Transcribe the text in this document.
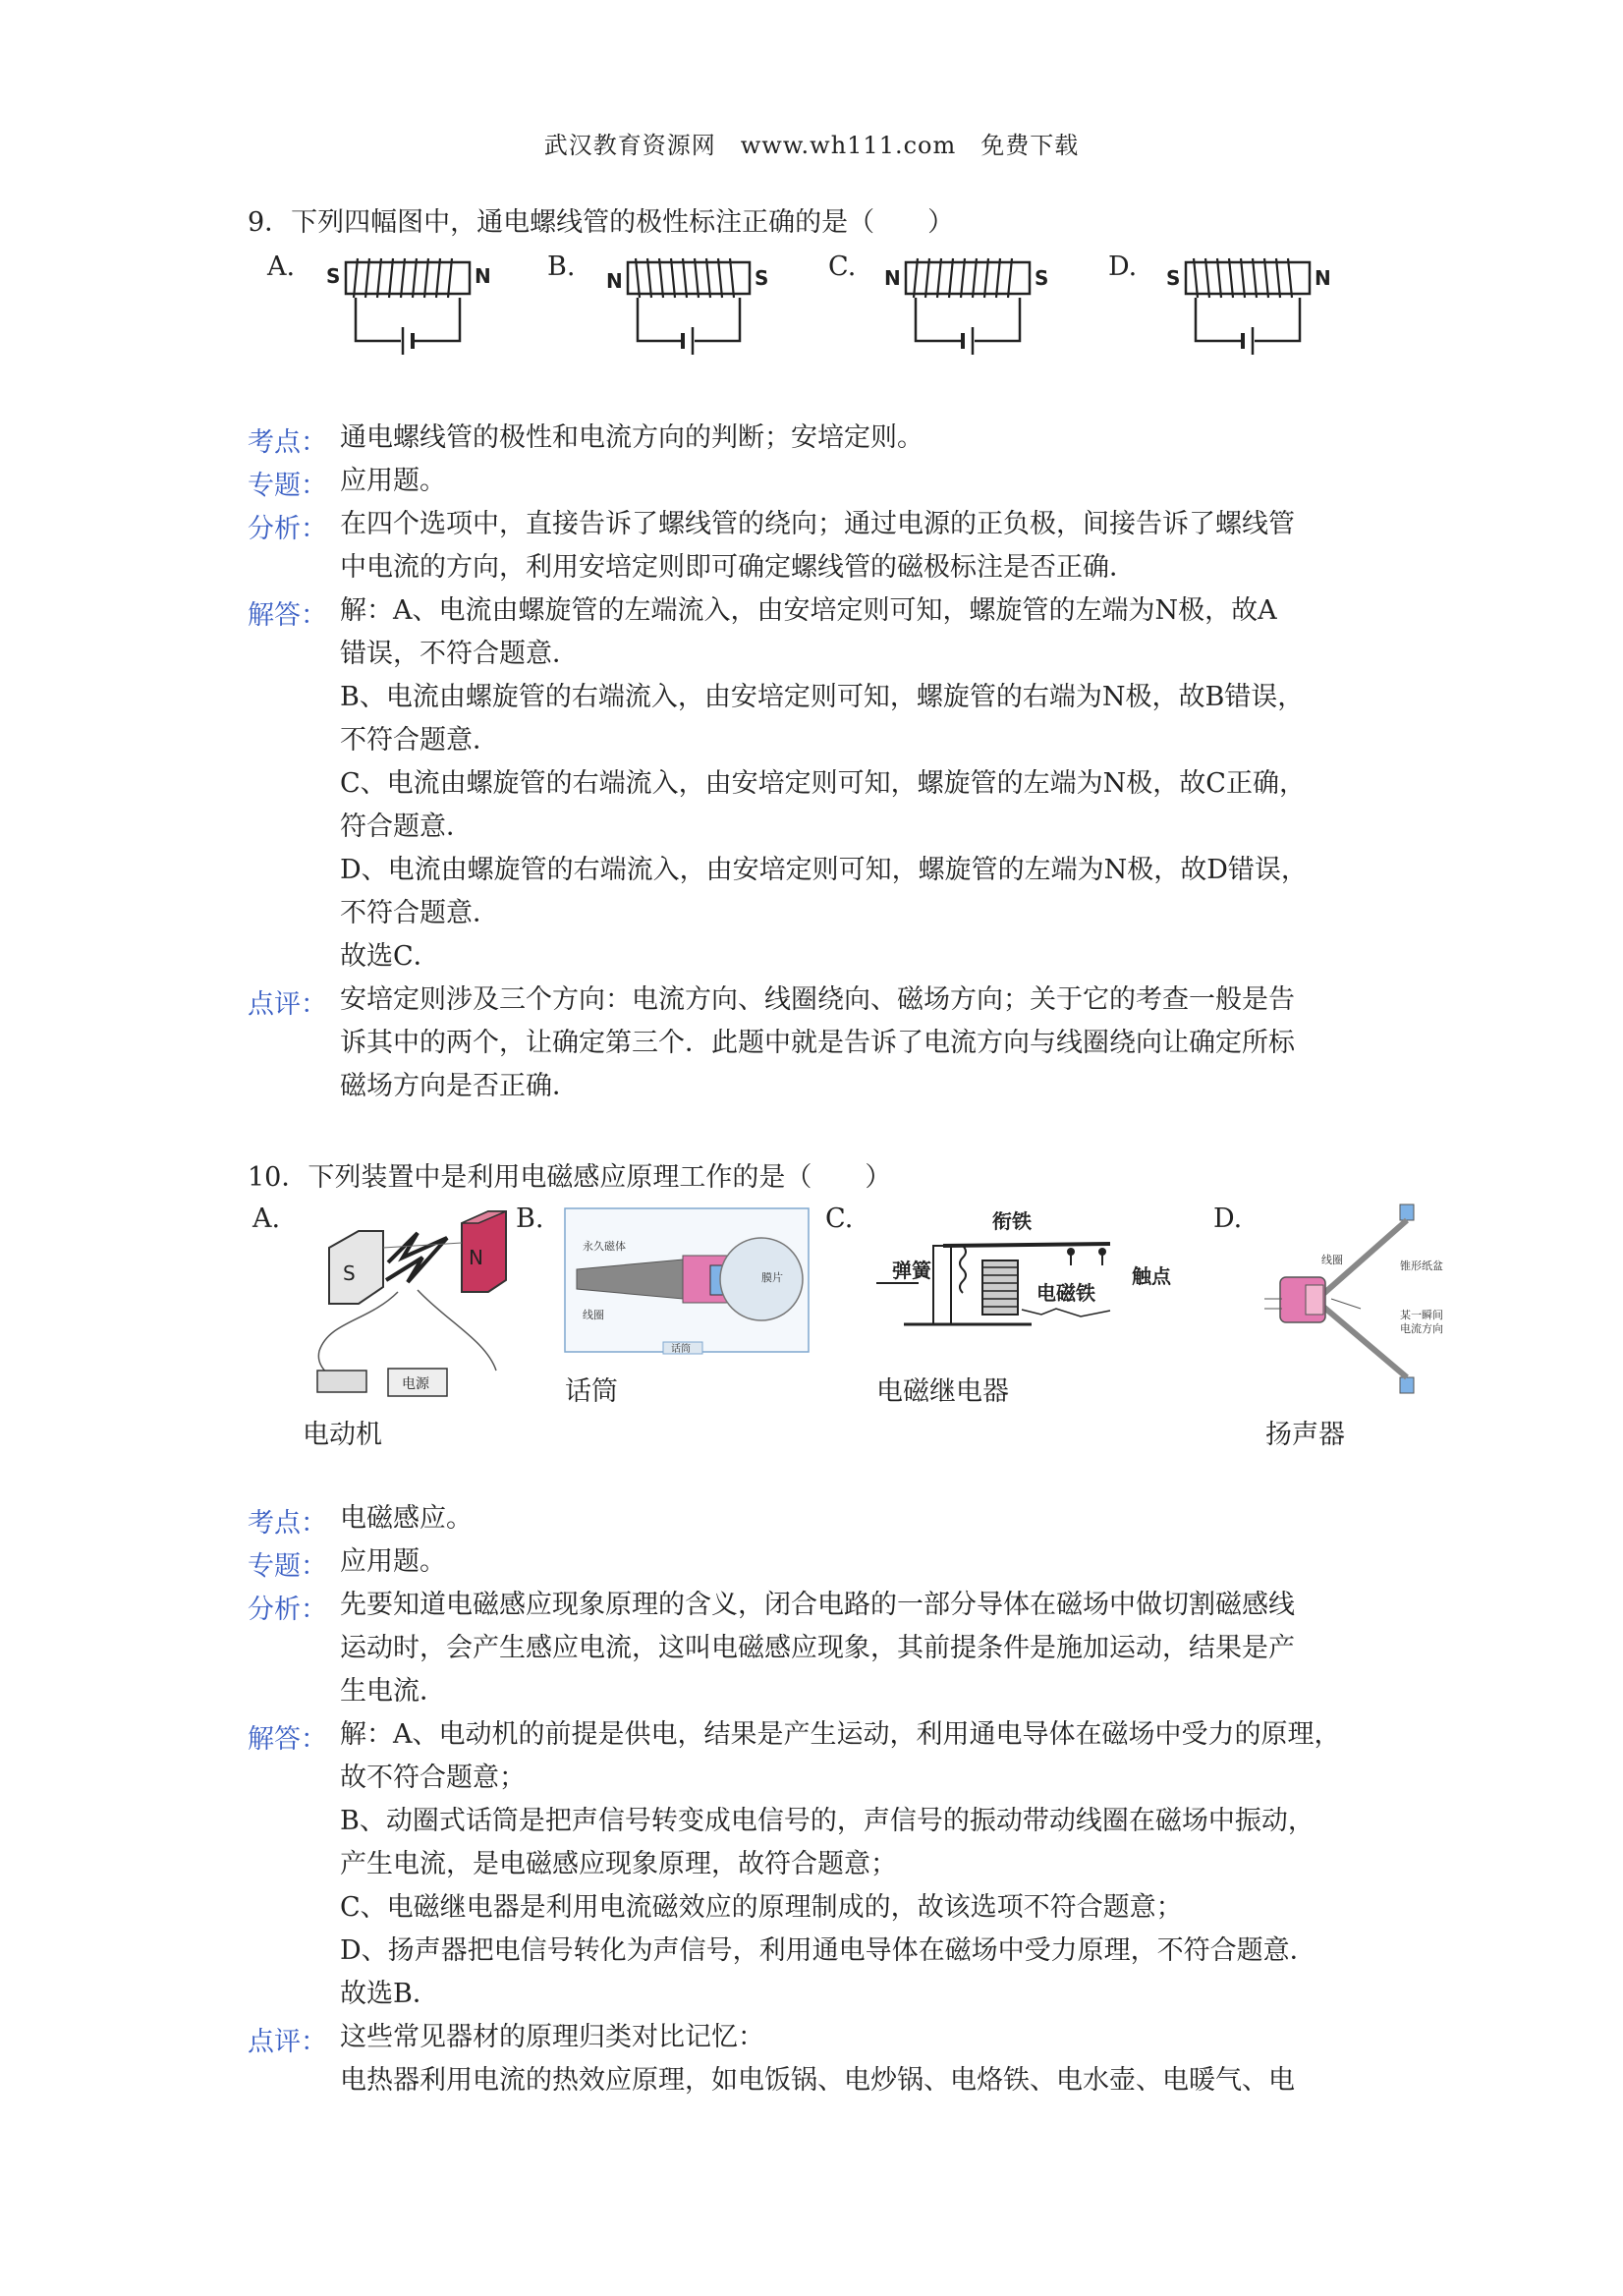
武汉教育资源网　www.wh111.com　免费下载
9．下列四幅图中，通电螺线管的极性标注正确的是（　　）
A.	B.	C.	D.
S	N	N	S	N	S	S	N
考点： 通电螺线管的极性和电流方向的判断；安培定则。
专题： 应用题。
分析： 在四个选项中，直接告诉了螺线管的绕向；通过电源的正负极，间接告诉了螺线管
中电流的方向，利用安培定则即可确定螺线管的磁极标注是否正确．
解答： 解：A、电流由螺旋管的左端流入，由安培定则可知，螺旋管的左端为N极，故A
错误，不符合题意．
B、电流由螺旋管的右端流入，由安培定则可知，螺旋管的右端为N极，故B错误，
不符合题意．
C、电流由螺旋管的右端流入，由安培定则可知，螺旋管的左端为N极，故C正确，
符合题意．
D、电流由螺旋管的右端流入，由安培定则可知，螺旋管的左端为N极，故D错误，
不符合题意．
故选C．
点评： 安培定则涉及三个方向：电流方向、线圈绕向、磁场方向；关于它的考查一般是告
诉其中的两个，让确定第三个．此题中就是告诉了电流方向与线圈绕向让确定所标
磁场方向是否正确．
10．下列装置中是利用电磁感应原理工作的是（　　）
A.	B.	C.	D.
S
N
电源
永久磁体
线圈
膜片
话筒
衔铁
弹簧	触点
电磁铁
线圈	锥形纸盆
某一瞬间
电流方向
话筒	电磁继电器
电动机	扬声器
考点： 电磁感应。
专题： 应用题。
分析： 先要知道电磁感应现象原理的含义，闭合电路的一部分导体在磁场中做切割磁感线
运动时，会产生感应电流，这叫电磁感应现象，其前提条件是施加运动，结果是产
生电流．
解答： 解：A、电动机的前提是供电，结果是产生运动，利用通电导体在磁场中受力的原理，
故不符合题意；
B、动圈式话筒是把声信号转变成电信号的，声信号的振动带动线圈在磁场中振动，
产生电流，是电磁感应现象原理，故符合题意；
C、电磁继电器是利用电流磁效应的原理制成的，故该选项不符合题意；
D、扬声器把电信号转化为声信号，利用通电导体在磁场中受力原理，不符合题意．
故选B．
点评： 这些常见器材的原理归类对比记忆：
电热器利用电流的热效应原理，如电饭锅、电炒锅、电烙铁、电水壶、电暖气、电
